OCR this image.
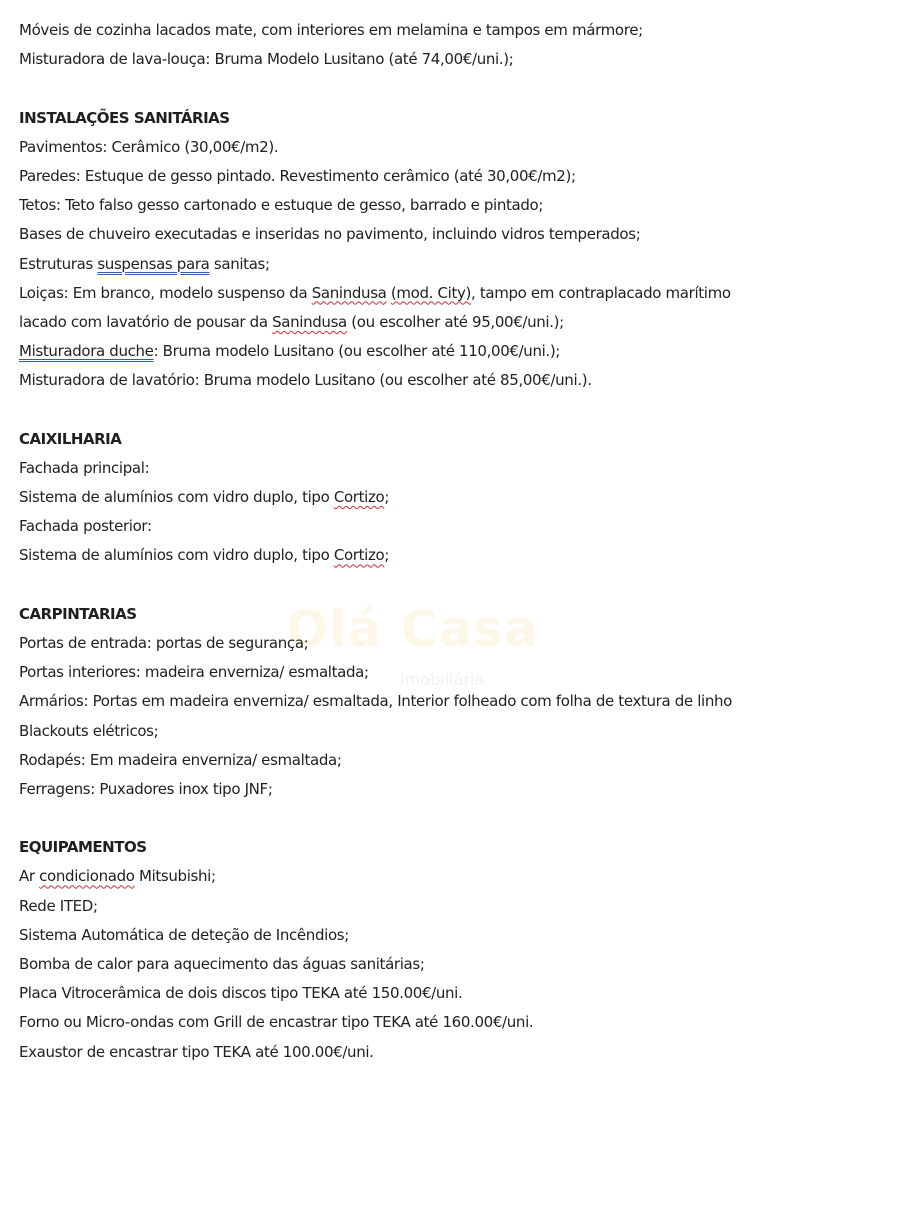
Olá Casa
Imobiliária
Móveis de cozinha lacados mate, com interiores em melamina e tampos em mármore;
Misturadora de lava-louça: Bruma Modelo Lusitano (até 74,00€/uni.);
INSTALAÇÕES SANITÁRIAS
Pavimentos: Cerâmico (30,00€/m2).
Paredes: Estuque de gesso pintado. Revestimento cerâmico (até 30,00€/m2);
Tetos: Teto falso gesso cartonado e estuque de gesso, barrado e pintado;
Bases de chuveiro executadas e inseridas no pavimento, incluindo vidros temperados;
Estruturas suspensas para sanitas;
Loiças: Em branco, modelo suspenso da Sanindusa (mod. City), tampo em contraplacado marítimo
lacado com lavatório de pousar da Sanindusa (ou escolher até 95,00€/uni.);
Misturadora duche: Bruma modelo Lusitano (ou escolher até 110,00€/uni.);
Misturadora de lavatório: Bruma modelo Lusitano (ou escolher até 85,00€/uni.).
CAIXILHARIA
Fachada principal:
Sistema de alumínios com vidro duplo, tipo Cortizo;
Fachada posterior:
Sistema de alumínios com vidro duplo, tipo Cortizo;
CARPINTARIAS
Portas de entrada: portas de segurança;
Portas interiores: madeira enverniza/ esmaltada;
Armários: Portas em madeira enverniza/ esmaltada, Interior folheado com folha de textura de linho
Blackouts elétricos;
Rodapés: Em madeira enverniza/ esmaltada;
Ferragens: Puxadores inox tipo JNF;
EQUIPAMENTOS
Ar condicionado Mitsubishi;
Rede ITED;
Sistema Automática de deteção de Incêndios;
Bomba de calor para aquecimento das águas sanitárias;
Placa Vitrocerâmica de dois discos tipo TEKA até 150.00€/uni.
Forno ou Micro-ondas com Grill de encastrar tipo TEKA até 160.00€/uni.
Exaustor de encastrar tipo TEKA até 100.00€/uni.
